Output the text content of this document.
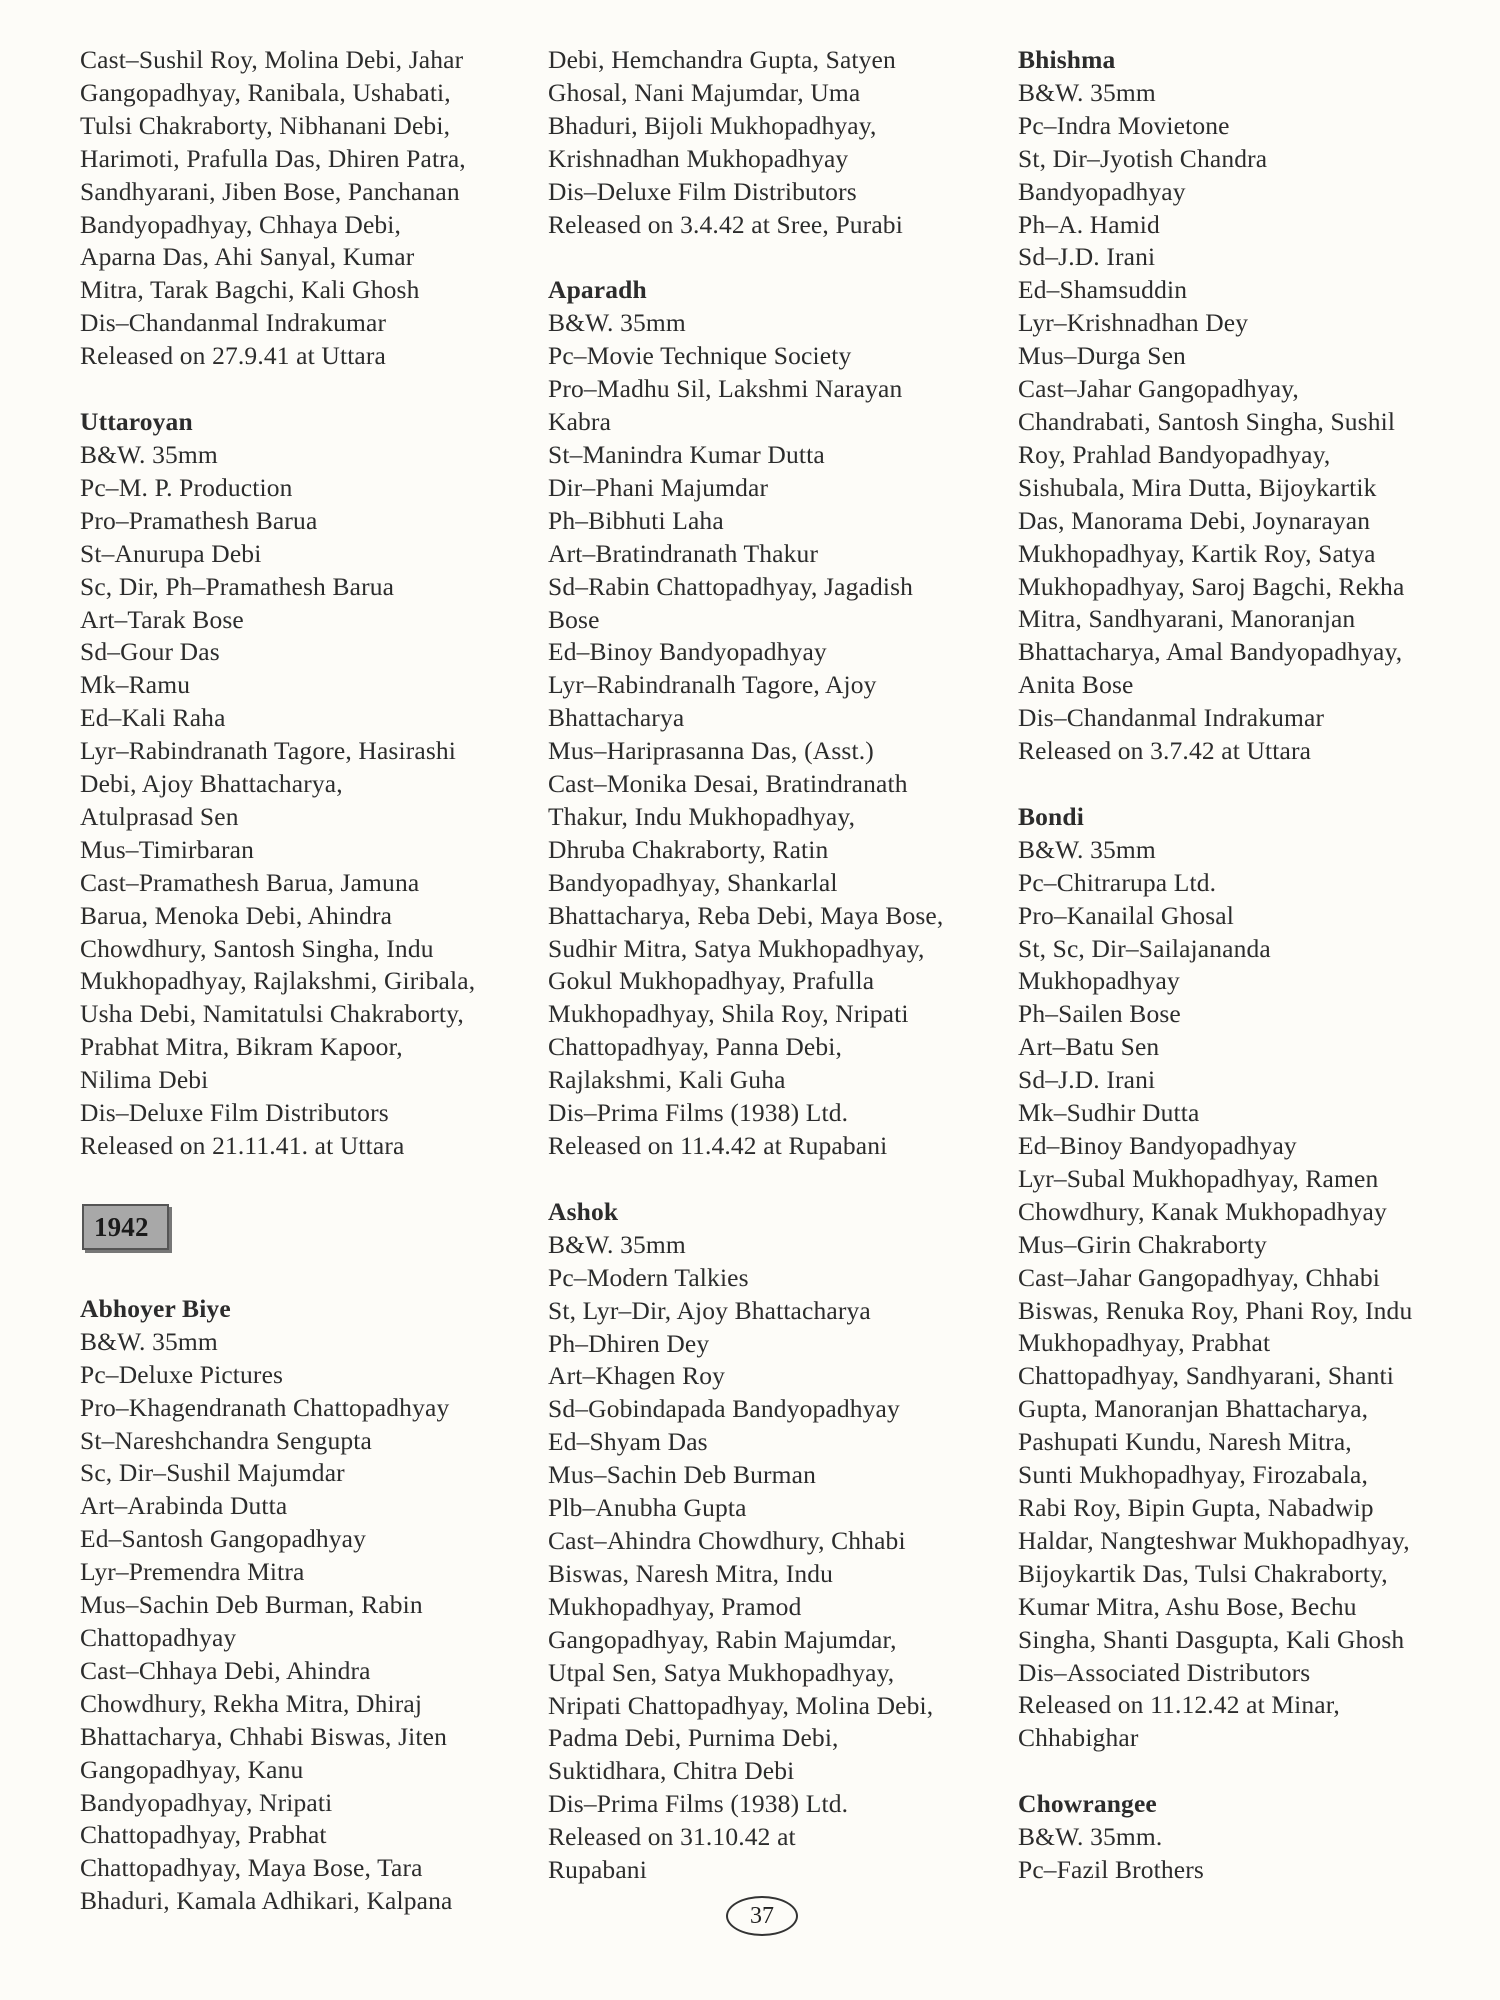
Cast–Sushil Roy, Molina Debi, Jahar
Gangopadhyay, Ranibala, Ushabati,
Tulsi Chakraborty, Nibhanani Debi,
Harimoti, Prafulla Das, Dhiren Patra,
Sandhyarani, Jiben Bose, Panchanan
Bandyopadhyay, Chhaya Debi,
Aparna Das, Ahi Sanyal, Kumar
Mitra, Tarak Bagchi, Kali Ghosh
Dis–Chandanmal Indrakumar
Released on 27.9.41 at Uttara
Uttaroyan
B&W. 35mm
Pc–M. P. Production
Pro–Pramathesh Barua
St–Anurupa Debi
Sc, Dir, Ph–Pramathesh Barua
Art–Tarak Bose
Sd–Gour Das
Mk–Ramu
Ed–Kali Raha
Lyr–Rabindranath Tagore, Hasirashi
Debi, Ajoy Bhattacharya,
Atulprasad Sen
Mus–Timirbaran
Cast–Pramathesh Barua, Jamuna
Barua, Menoka Debi, Ahindra
Chowdhury, Santosh Singha, Indu
Mukhopadhyay, Rajlakshmi, Giribala,
Usha Debi, Namitatulsi Chakraborty,
Prabhat Mitra, Bikram Kapoor,
Nilima Debi
Dis–Deluxe Film Distributors
Released on 21.11.41. at Uttara
1942
Abhoyer Biye
B&W. 35mm
Pc–Deluxe Pictures
Pro–Khagendranath Chattopadhyay
St–Nareshchandra Sengupta
Sc, Dir–Sushil Majumdar
Art–Arabinda Dutta
Ed–Santosh Gangopadhyay
Lyr–Premendra Mitra
Mus–Sachin Deb Burman, Rabin
Chattopadhyay
Cast–Chhaya Debi, Ahindra
Chowdhury, Rekha Mitra, Dhiraj
Bhattacharya, Chhabi Biswas, Jiten
Gangopadhyay, Kanu
Bandyopadhyay, Nripati
Chattopadhyay, Prabhat
Chattopadhyay, Maya Bose, Tara
Bhaduri, Kamala Adhikari, Kalpana
Debi, Hemchandra Gupta, Satyen
Ghosal, Nani Majumdar, Uma
Bhaduri, Bijoli Mukhopadhyay,
Krishnadhan Mukhopadhyay
Dis–Deluxe Film Distributors
Released on 3.4.42 at Sree, Purabi
Aparadh
B&W. 35mm
Pc–Movie Technique Society
Pro–Madhu Sil, Lakshmi Narayan
Kabra
St–Manindra Kumar Dutta
Dir–Phani Majumdar
Ph–Bibhuti Laha
Art–Bratindranath Thakur
Sd–Rabin Chattopadhyay, Jagadish
Bose
Ed–Binoy Bandyopadhyay
Lyr–Rabindranalh Tagore, Ajoy
Bhattacharya
Mus–Hariprasanna Das, (Asst.)
Cast–Monika Desai, Bratindranath
Thakur, Indu Mukhopadhyay,
Dhruba Chakraborty, Ratin
Bandyopadhyay, Shankarlal
Bhattacharya, Reba Debi, Maya Bose,
Sudhir Mitra, Satya Mukhopadhyay,
Gokul Mukhopadhyay, Prafulla
Mukhopadhyay, Shila Roy, Nripati
Chattopadhyay, Panna Debi,
Rajlakshmi, Kali Guha
Dis–Prima Films (1938) Ltd.
Released on 11.4.42 at Rupabani
Ashok
B&W. 35mm
Pc–Modern Talkies
St, Lyr–Dir, Ajoy Bhattacharya
Ph–Dhiren Dey
Art–Khagen Roy
Sd–Gobindapada Bandyopadhyay
Ed–Shyam Das
Mus–Sachin Deb Burman
Plb–Anubha Gupta
Cast–Ahindra Chowdhury, Chhabi
Biswas, Naresh Mitra, Indu
Mukhopadhyay, Pramod
Gangopadhyay, Rabin Majumdar,
Utpal Sen, Satya Mukhopadhyay,
Nripati Chattopadhyay, Molina Debi,
Padma Debi, Purnima Debi,
Suktidhara, Chitra Debi
Dis–Prima Films (1938) Ltd.
Released on 31.10.42 at
Rupabani
Bhishma
B&W. 35mm
Pc–Indra Movietone
St, Dir–Jyotish Chandra
Bandyopadhyay
Ph–A. Hamid
Sd–J.D. Irani
Ed–Shamsuddin
Lyr–Krishnadhan Dey
Mus–Durga Sen
Cast–Jahar Gangopadhyay,
Chandrabati, Santosh Singha, Sushil
Roy, Prahlad Bandyopadhyay,
Sishubala, Mira Dutta, Bijoykartik
Das, Manorama Debi, Joynarayan
Mukhopadhyay, Kartik Roy, Satya
Mukhopadhyay, Saroj Bagchi, Rekha
Mitra, Sandhyarani, Manoranjan
Bhattacharya, Amal Bandyopadhyay,
Anita Bose
Dis–Chandanmal Indrakumar
Released on 3.7.42 at Uttara
Bondi
B&W. 35mm
Pc–Chitrarupa Ltd.
Pro–Kanailal Ghosal
St, Sc, Dir–Sailajananda
Mukhopadhyay
Ph–Sailen Bose
Art–Batu Sen
Sd–J.D. Irani
Mk–Sudhir Dutta
Ed–Binoy Bandyopadhyay
Lyr–Subal Mukhopadhyay, Ramen
Chowdhury, Kanak Mukhopadhyay
Mus–Girin Chakraborty
Cast–Jahar Gangopadhyay, Chhabi
Biswas, Renuka Roy, Phani Roy, Indu
Mukhopadhyay, Prabhat
Chattopadhyay, Sandhyarani, Shanti
Gupta, Manoranjan Bhattacharya,
Pashupati Kundu, Naresh Mitra,
Sunti Mukhopadhyay, Firozabala,
Rabi Roy, Bipin Gupta, Nabadwip
Haldar, Nangteshwar Mukhopadhyay,
Bijoykartik Das, Tulsi Chakraborty,
Kumar Mitra, Ashu Bose, Bechu
Singha, Shanti Dasgupta, Kali Ghosh
Dis–Associated Distributors
Released on 11.12.42 at Minar,
Chhabighar
Chowrangee
B&W. 35mm.
Pc–Fazil Brothers
37
